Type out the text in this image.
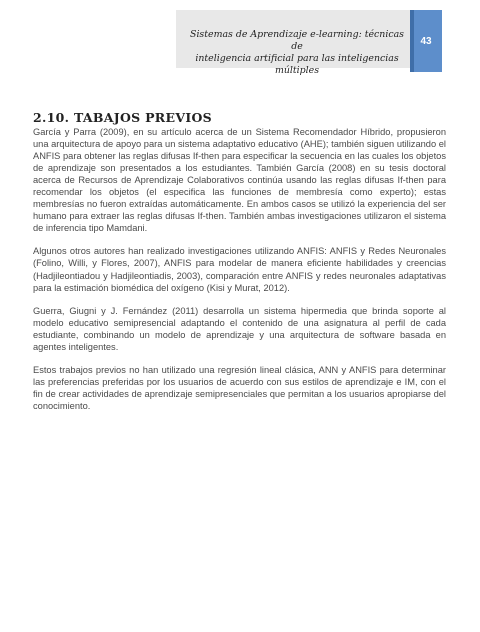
Sistemas de Aprendizaje e-learning: técnicas de
inteligencia artificial para las inteligencias múltiples
43
2.10. TABAJOS PREVIOS

García y Parra (2009), en su artículo acerca de un Sistema Recomendador Híbrido, propusieron una arquitectura de apoyo para un sistema adaptativo educativo (AHE); también siguen utilizando el ANFIS para obtener las reglas difusas If-then para especificar la secuencia en las cuales los objetos de aprendizaje son presentados a los estudiantes. También García (2008) en su tesis doctoral acerca de Recursos de Aprendizaje Colaborativos continúa usando las reglas difusas If-then para recomendar los objetos (el especifica las funciones de membresía como experto); estas membresías no fueron extraídas automáticamente. En ambos casos se utilizó la experiencia del ser humano para extraer las reglas difusas If-then. También ambas investigaciones utilizaron el sistema de inferencia tipo Mamdani.

Algunos otros autores han realizado investigaciones utilizando ANFIS: ANFIS y Redes Neuronales (Folino, Willi, y Flores, 2007), ANFIS para modelar de manera eficiente habilidades y creencias (Hadjileontiadou y Hadjileontiadis, 2003), comparación entre ANFIS y redes neuronales adaptativas para la estimación biomédica del oxígeno (Kisi y Murat, 2012).

Guerra, Giugni y J. Fernández (2011) desarrolla un sistema hipermedia que brinda soporte al modelo educativo semipresencial adaptando el contenido de una asignatura al perfil de cada estudiante, combinando un modelo de aprendizaje y una arquitectura de software basada en agentes inteligentes.

Estos trabajos previos no han utilizado una regresión lineal clásica, ANN y ANFIS para determinar las preferencias preferidas por los usuarios de acuerdo con sus estilos de aprendizaje e IM, con el fin de crear actividades de aprendizaje semipresenciales que permitan a los usuarios apropiarse del conocimiento.
